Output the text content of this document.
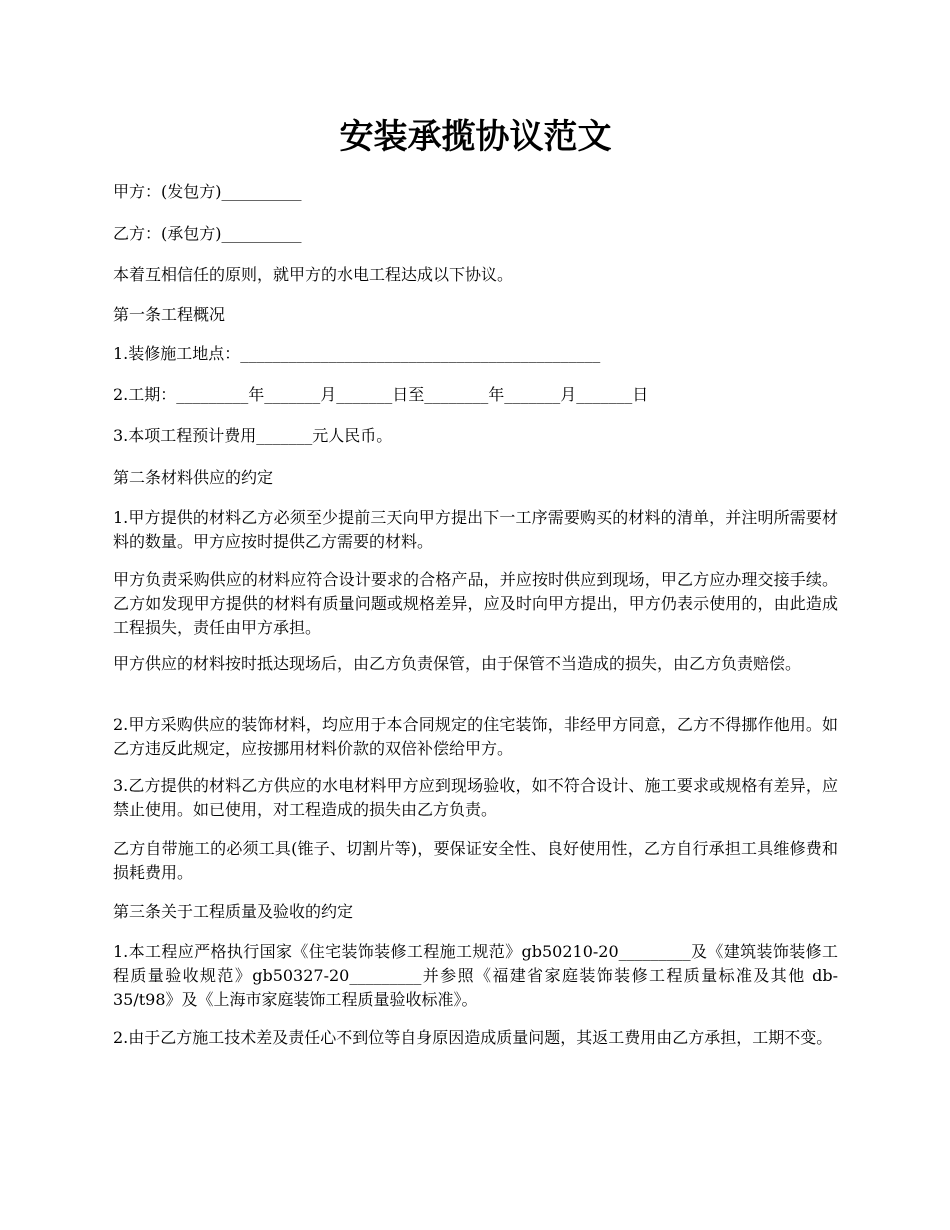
安装承揽协议范文

甲方：(发包方)__________

乙方：(承包方)__________

本着互相信任的原则，就甲方的水电工程达成以下协议。

第一条工程概况

1.装修施工地点：_____________________________________________

2.工期：_________年_______月_______日至________年_______月_______日

3.本项工程预计费用_______元人民币。

第二条材料供应的约定

1.甲方提供的材料乙方必须至少提前三天向甲方提出下一工序需要购买的材料的清单，并注明所需要材料的数量。甲方应按时提供乙方需要的材料。

甲方负责采购供应的材料应符合设计要求的合格产品，并应按时供应到现场，甲乙方应办理交接手续。乙方如发现甲方提供的材料有质量问题或规格差异，应及时向甲方提出，甲方仍表示使用的，由此造成工程损失，责任由甲方承担。

甲方供应的材料按时抵达现场后，由乙方负责保管，由于保管不当造成的损失，由乙方负责赔偿。

2.甲方采购供应的装饰材料，均应用于本合同规定的住宅装饰，非经甲方同意，乙方不得挪作他用。如乙方违反此规定，应按挪用材料价款的双倍补偿给甲方。

3.乙方提供的材料乙方供应的水电材料甲方应到现场验收，如不符合设计、施工要求或规格有差异，应禁止使用。如已使用，对工程造成的损失由乙方负责。

乙方自带施工的必须工具(锥子、切割片等)，要保证安全性、良好使用性，乙方自行承担工具维修费和损耗费用。

第三条关于工程质量及验收的约定

1.本工程应严格执行国家《住宅装饰装修工程施工规范》gb50210-20_________及《建筑装饰装修工程质量验收规范》gb50327-20_________并参照《福建省家庭装饰装修工程质量标准及其他 db-35/t98》及《上海市家庭装饰工程质量验收标准》。

2.由于乙方施工技术差及责任心不到位等自身原因造成质量问题，其返工费用由乙方承担，工期不变。
